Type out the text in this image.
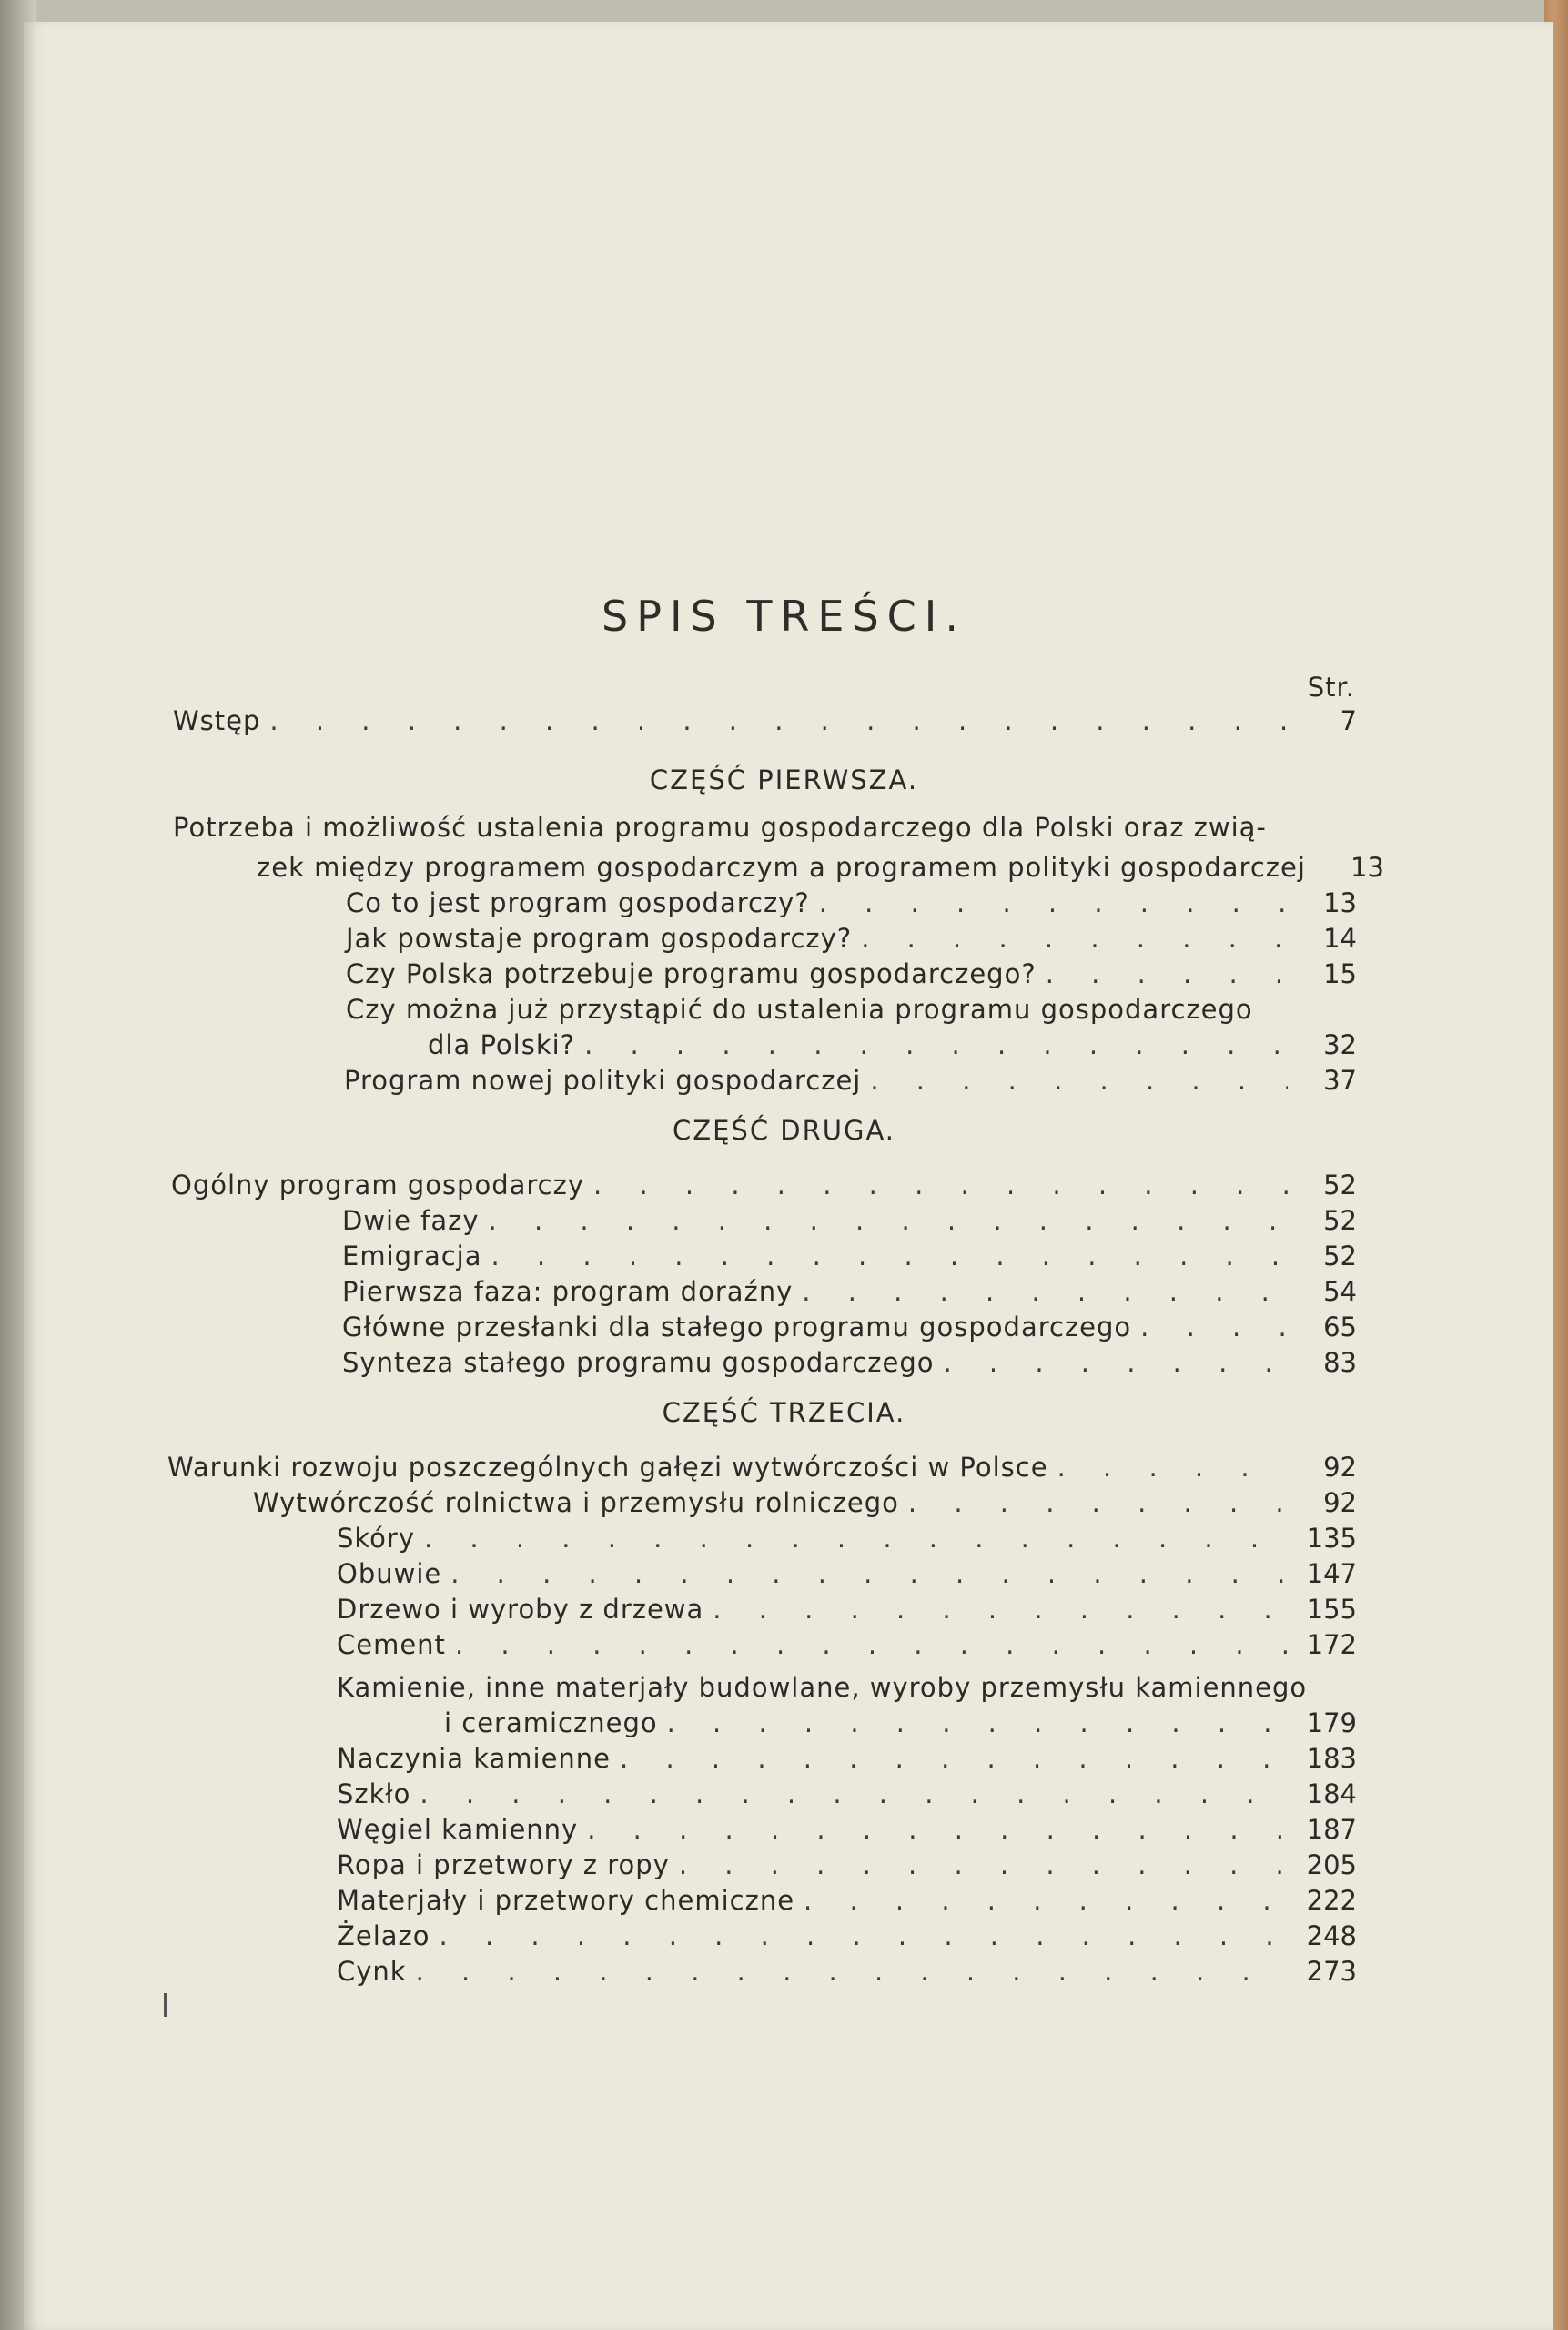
SPIS TREŚCI.
Str.
Wstęp . . .	7
CZĘŚĆ PIERWSZA.
Potrzeba i możliwość ustalenia programu gospodarczego dla Polski oraz zwią-
zek między programem gospodarczym a programem polityki gospodarczej	13
Co to jest program gospodarczy? . . .	13
Jak powstaje program gospodarczy? . . .	14
Czy Polska potrzebuje programu gospodarczego? . . .	15
Czy można już przystąpić do ustalenia programu gospodarczego
dla Polski? . . .	32
Program nowej polityki gospodarczej . . .	37
CZĘŚĆ DRUGA.
Ogólny program gospodarczy . . .	52
Dwie fazy . . .	52
Emigracja . . .	52
Pierwsza faza: program doraźny . . .	54
Główne przesłanki dla stałego programu gospodarczego . . .	65
Synteza stałego programu gospodarczego . . .	83
CZĘŚĆ TRZECIA.
Warunki rozwoju poszczególnych gałęzi wytwórczości w Polsce . . .	92
Wytwórczość rolnictwa i przemysłu rolniczego . . .	92
Skóry . . .	135
Obuwie . . .	147
Drzewo i wyroby z drzewa . . .	155
Cement . . .	172
Kamienie, inne materjały budowlane, wyroby przemysłu kamiennego
i ceramicznego . . .	179
Naczynia kamienne . . .	183
Szkło . . .	184
Węgiel kamienny . . .	187
Ropa i przetwory z ropy . . .	205
Materjały i przetwory chemiczne . . .	222
Żelazo . . .	248
Cynk . . .	273
